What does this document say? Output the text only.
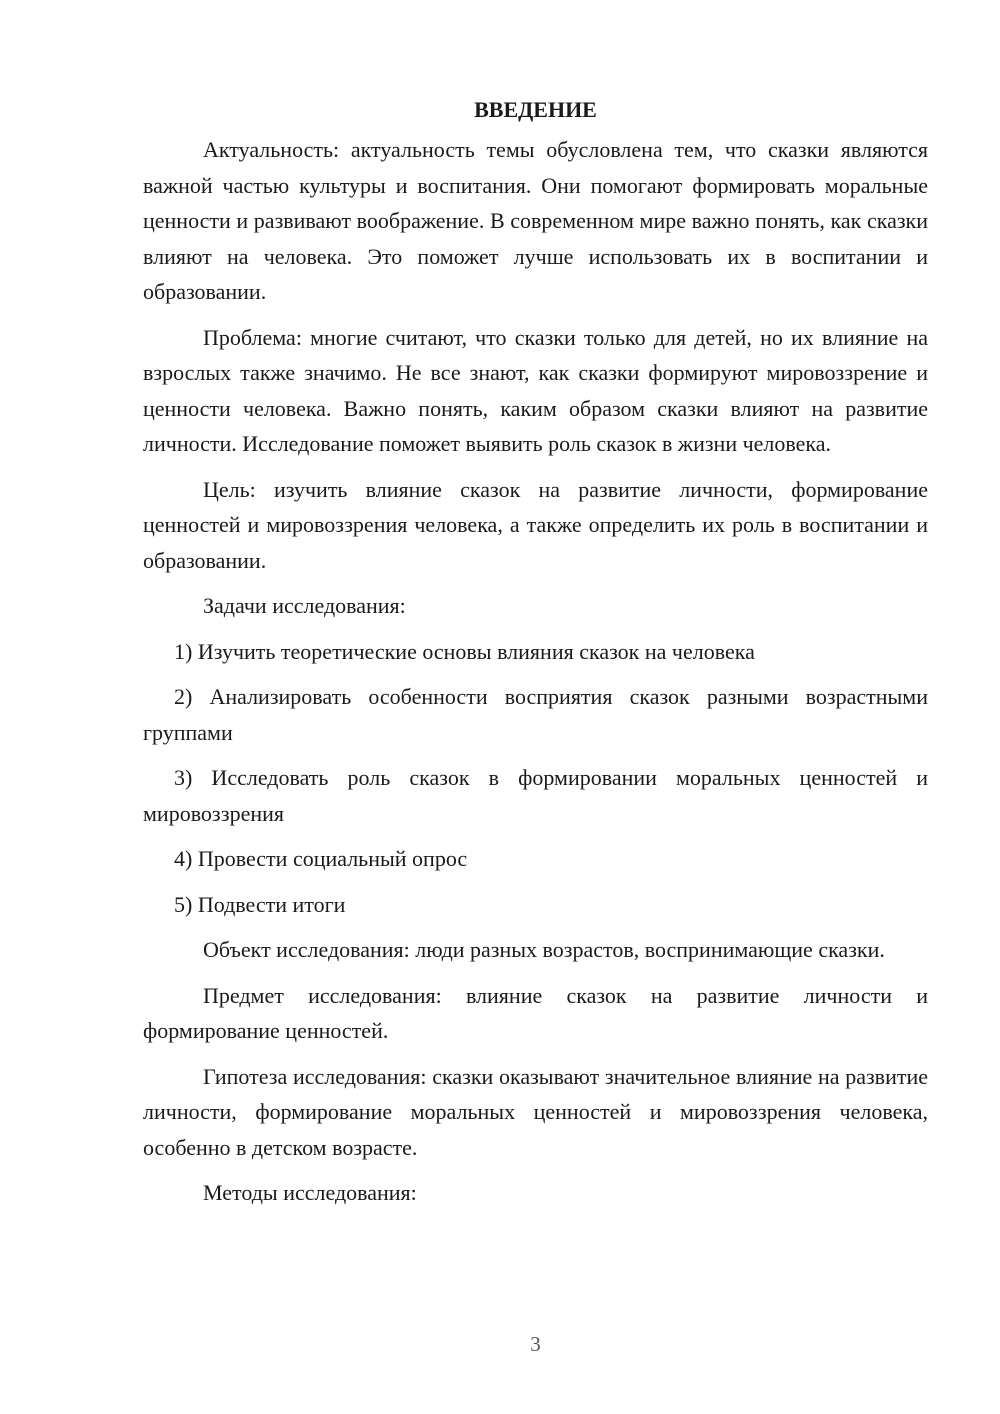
ВВЕДЕНИЕ

Актуальность: актуальность темы обусловлена тем, что сказки являются важной частью культуры и воспитания. Они помогают формировать моральные ценности и развивают воображение. В современном мире важно понять, как сказки влияют на человека. Это поможет лучше использовать их в воспитании и образовании.

Проблема: многие считают, что сказки только для детей, но их влияние на взрослых также значимо. Не все знают, как сказки формируют мировоззрение и ценности человека. Важно понять, каким образом сказки влияют на развитие личности. Исследование поможет выявить роль сказок в жизни человека.

Цель: изучить влияние сказок на развитие личности, формирование ценностей и мировоззрения человека, а также определить их роль в воспитании и образовании.

Задачи исследования:

1) Изучить теоретические основы влияния сказок на человека

2) Анализировать особенности восприятия сказок разными возрастными группами

3) Исследовать роль сказок в формировании моральных ценностей и мировоззрения

4) Провести социальный опрос

5) Подвести итоги

Объект исследования: люди разных возрастов, воспринимающие сказки.

Предмет исследования: влияние сказок на развитие личности и формирование ценностей.

Гипотеза исследования: сказки оказывают значительное влияние на развитие личности, формирование моральных ценностей и мировоззрения человека, особенно в детском возрасте.

Методы исследования:

3
